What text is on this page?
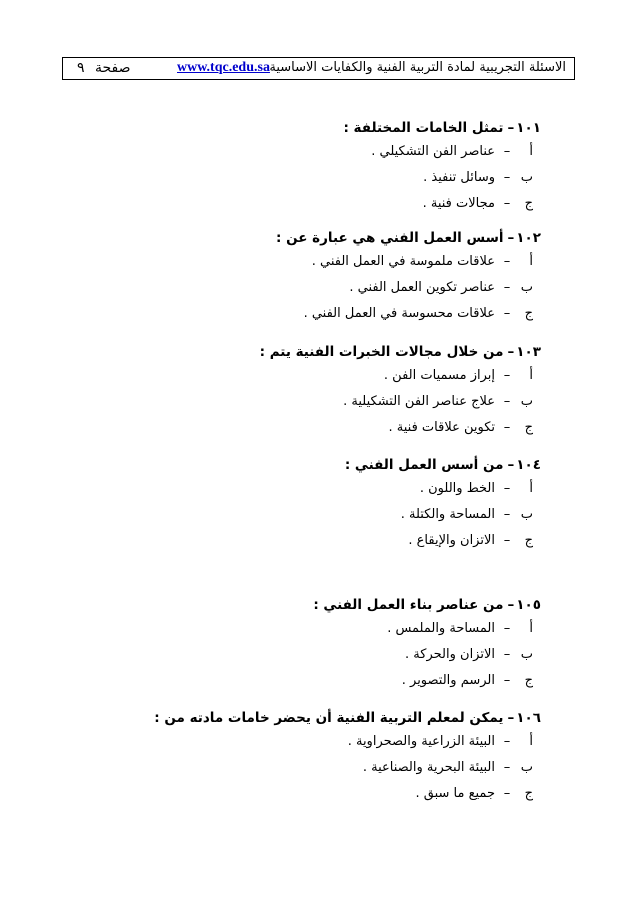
٩ صفحة	www.tqc.edu.sa الاسئلة التجريبية لمادة التربية الفنية والكفايات الاساسية
١٠١–تمثل الخامات المختلفة :
أ–عناصر الفن التشكيلي .
ب–وسائل تنفيذ .
ج–مجالات فنية .
١٠٢–أسس العمل الفني هي عبارة عن :
أ–علاقات ملموسة في العمل الفني .
ب–عناصر تكوين العمل الفني .
ج–علاقات محسوسة في العمل الفني .
١٠٣–من خلال مجالات الخبرات الفنية يتم :
أ–إبراز مسميات الفن .
ب–علاج عناصر الفن التشكيلية .
ج–تكوين علاقات فنية .
١٠٤–من أسس العمل الفني :
أ–الخط واللون .
ب–المساحة والكتلة .
ج–الاتزان والإيقاع .
١٠٥–من عناصر بناء العمل الفني :
أ–المساحة والملمس .
ب–الاتزان والحركة .
ج–الرسم والتصوير .
١٠٦–يمكن لمعلم التربية الفنية أن يحضر خامات مادته من :
أ–البيئة الزراعية والصحراوية .
ب–البيئة البحرية والصناعية .
ج–جميع ما سبق .
